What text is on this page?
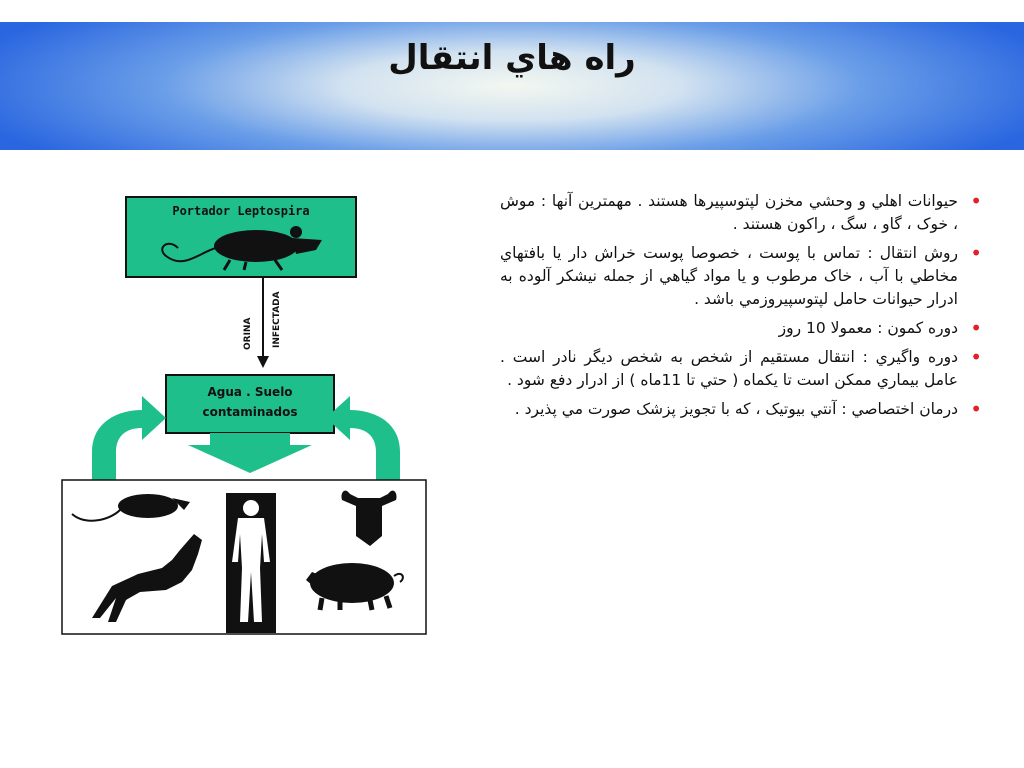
راه هاي انتقال
•
حيوانات اهلي و وحشي مخزن لپتوسپيرها هستند . مهمترين آنها : موش ، خوک ، گاو ، سگ ، راکون هستند .
•
روش انتقال : تماس با پوست ، خصوصا پوست خراش دار يا بافتهاي مخاطي با آب ، خاک مرطوب و يا مواد گياهي از جمله نيشکر آلوده به ادرار حيوانات حامل لپتوسپيروزمي باشد .
•
دوره کمون : معمولا 10 روز
•
دوره واگيري : انتقال مستقيم از شخص به شخص ديگر نادر است . عامل بيماري ممکن است تا يکماه ( حتي تا 11ماه ) از ادرار دفع شود .
•
درمان اختصاصي : آنتي بيوتيک ، که با تجويز پزشک صورت مي پذيرد .
Portador Leptospira
ORINA INFECTADA
Agua . Suelo
contaminados
